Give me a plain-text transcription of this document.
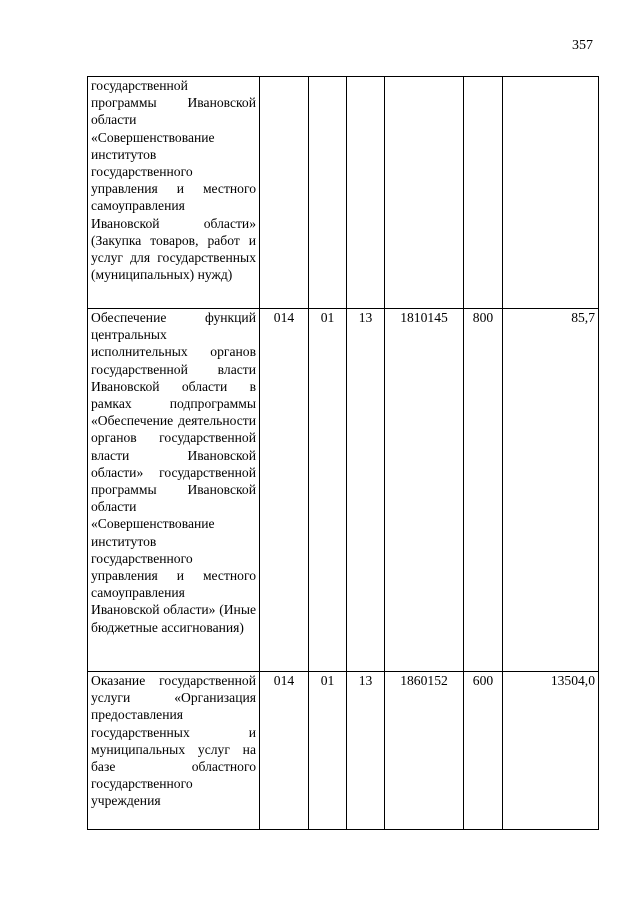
357
государственной программы Ивановской области «Совершенствование институтов государственного управления и местного самоуправления Ивановской области» (Закупка товаров, работ и услуг для государственных (муниципальных) нужд)						
Обеспечение функций центральных исполнительных органов государственной власти Ивановской области в рамках подпрограммы «Обеспечение деятельности органов государственной власти Ивановской области» государственной программы Ивановской области «Совершенствование институтов государственного управления и местного самоуправления Ивановской области» (Иные бюджетные ассигнования)	014	01	13	1810145	800	85,7
Оказание государственной услуги «Организация предоставления государственных и муниципальных услуг на базе областного государственного учреждения	014	01	13	1860152	600	13504,0
